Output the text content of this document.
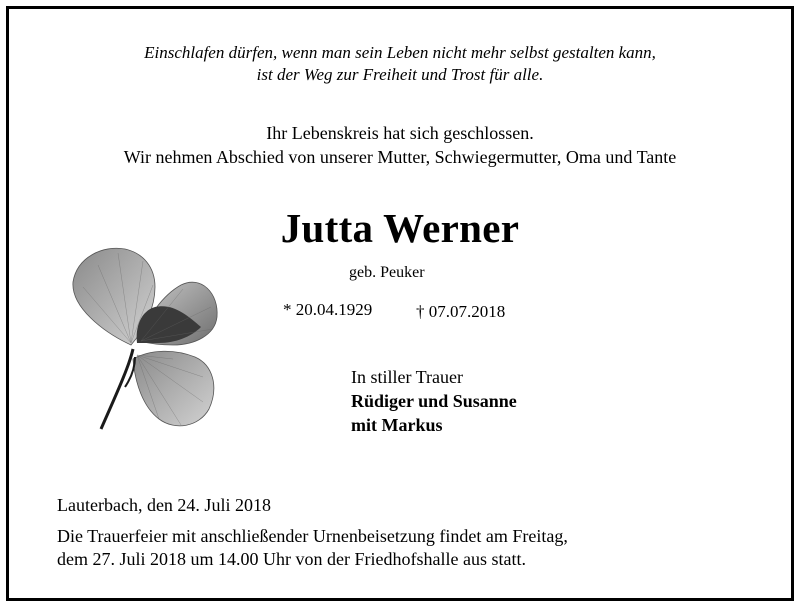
Einschlafen dürfen, wenn man sein Leben nicht mehr selbst gestalten kann,
ist der Weg zur Freiheit und Trost für alle.
Ihr Lebenskreis hat sich geschlossen.
Wir nehmen Abschied von unserer Mutter, Schwiegermutter, Oma und Tante
Jutta Werner
geb. Peuker
* 20.04.1929	† 07.07.2018
In stiller Trauer
Rüdiger und Susanne
mit Markus
Lauterbach, den 24. Juli 2018
Die Trauerfeier mit anschließender Urnenbeisetzung findet am Freitag,
dem 27. Juli 2018 um 14.00 Uhr von der Friedhofshalle aus statt.
